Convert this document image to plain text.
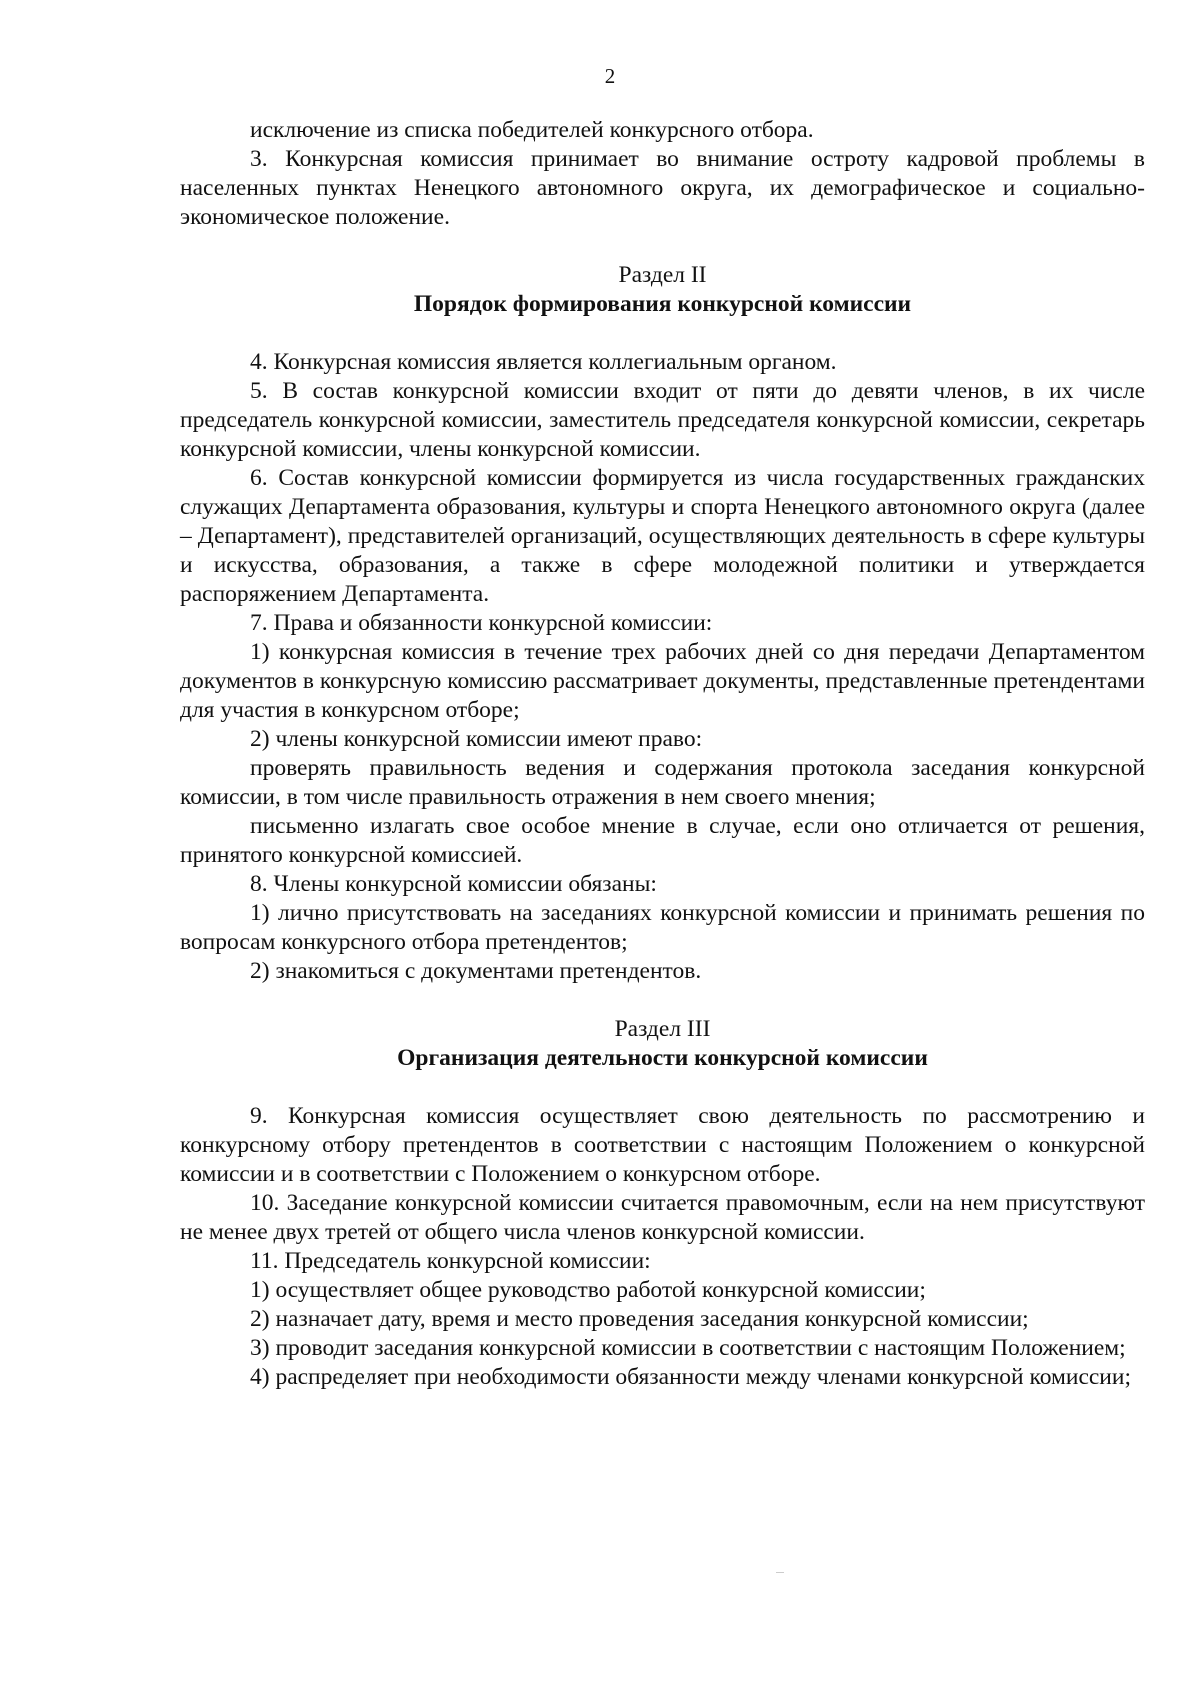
2

исключение из списка победителей конкурсного отбора.

3. Конкурсная комиссия принимает во внимание остроту кадровой проблемы в населенных пунктах Ненецкого автономного округа, их демографическое и социально-экономическое положение.

Раздел II
Порядок формирования конкурсной комиссии

4. Конкурсная комиссия является коллегиальным органом.

5. В состав конкурсной комиссии входит от пяти до девяти членов, в их числе председатель конкурсной комиссии, заместитель председателя конкурсной комиссии, секретарь конкурсной комиссии, члены конкурсной комиссии.

6. Состав конкурсной комиссии формируется из числа государственных гражданских служащих Департамента образования, культуры и спорта Ненецкого автономного округа (далее – Департамент), представителей организаций, осуществляющих деятельность в сфере культуры и искусства, образования, а также в сфере молодежной политики и утверждается распоряжением Департамента.

7. Права и обязанности конкурсной комиссии:

1) конкурсная комиссия в течение трех рабочих дней со дня передачи Департаментом документов в конкурсную комиссию рассматривает документы, представленные претендентами для участия в конкурсном отборе;

2) члены конкурсной комиссии имеют право:

проверять правильность ведения и содержания протокола заседания конкурсной комиссии, в том числе правильность отражения в нем своего мнения;

письменно излагать свое особое мнение в случае, если оно отличается от решения, принятого конкурсной комиссией.

8. Члены конкурсной комиссии обязаны:

1) лично присутствовать на заседаниях конкурсной комиссии и принимать решения по вопросам конкурсного отбора претендентов;

2) знакомиться с документами претендентов.

Раздел III
Организация деятельности конкурсной комиссии

9. Конкурсная комиссия осуществляет свою деятельность по рассмотрению и конкурсному отбору претендентов в соответствии с настоящим Положением о конкурсной комиссии и в соответствии с Положением о конкурсном отборе.

10. Заседание конкурсной комиссии считается правомочным, если на нем присутствуют не менее двух третей от общего числа членов конкурсной комиссии.

11. Председатель конкурсной комиссии:

1) осуществляет общее руководство работой конкурсной комиссии;

2) назначает дату, время и место проведения заседания конкурсной комиссии;

3) проводит заседания конкурсной комиссии в соответствии с настоящим Положением;

4) распределяет при необходимости обязанности между членами конкурсной комиссии;
